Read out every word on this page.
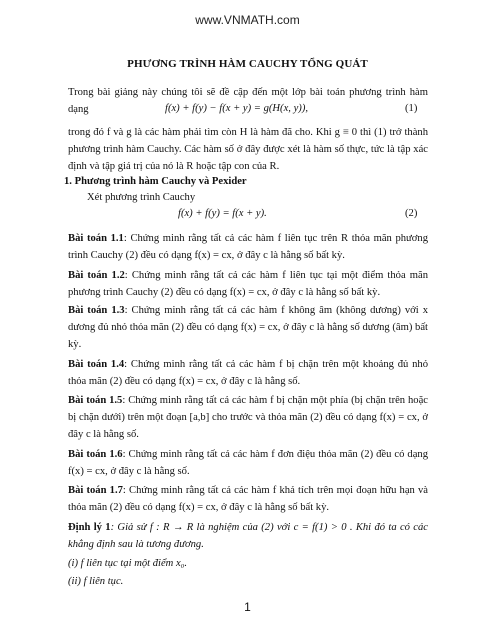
www.VNMATH.com
PHƯƠNG TRÌNH HÀM CAUCHY TỔNG QUÁT
Trong bài giảng này chúng tôi sẽ đề cập đến một lớp bài toán phương trình hàm dạng	f(x) + f(y) − f(x + y) = g(H(x, y)),	(1)
trong đó f và g là các hàm phải tìm còn H là hàm đã cho. Khi g ≡ 0 thì (1) trở thành phương trình hàm Cauchy. Các hàm số ở đây được xét là hàm số thực, tức là tập xác định và tập giá trị của nó là R hoặc tập con của R.
1. Phương trình hàm Cauchy và Pexider
Xét phương trình Cauchy
f(x) + f(y) = f(x + y).	(2)
Bài toán 1.1: Chứng minh rằng tất cả các hàm f liên tục trên R thỏa mãn phương trình Cauchy (2) đều có dạng f(x) = cx, ở đây c là hằng số bất kỳ.
Bài toán 1.2: Chứng minh rằng tất cả các hàm f liên tục tại một điểm thỏa mãn phương trình Cauchy (2) đều có dạng f(x) = cx, ở đây c là hằng số bất kỳ.
Bài toán 1.3: Chứng minh rằng tất cả các hàm f không âm (không dương) với x dương đủ nhỏ thỏa mãn (2) đều có dạng f(x) = cx, ở đây c là hằng số dương (âm) bất kỳ.
Bài toán 1.4: Chứng minh rằng tất cả các hàm f bị chặn trên một khoảng đủ nhỏ thỏa mãn (2) đều có dạng f(x) = cx, ở đây c là hằng số.
Bài toán 1.5: Chứng minh rằng tất cả các hàm f bị chặn một phía (bị chặn trên hoặc bị chặn dưới) trên một đoạn [a,b] cho trước và thỏa mãn (2) đều có dạng f(x) = cx, ở đây c là hằng số.
Bài toán 1.6: Chứng minh rằng tất cả các hàm f đơn điệu thỏa mãn (2) đều có dạng f(x) = cx, ở đây c là hằng số.
Bài toán 1.7: Chứng minh rằng tất cả các hàm f khả tích trên mọi đoạn hữu hạn và thỏa mãn (2) đều có dạng f(x) = cx, ở đây c là hằng số bất kỳ.
Định lý 1: Giả sử f : R → R là nghiệm của (2) với c = f(1) > 0 . Khi đó ta có các khẳng định sau là tương đương.
(i) f liên tục tại một điểm x₀.
(ii) f liên tục.
1
